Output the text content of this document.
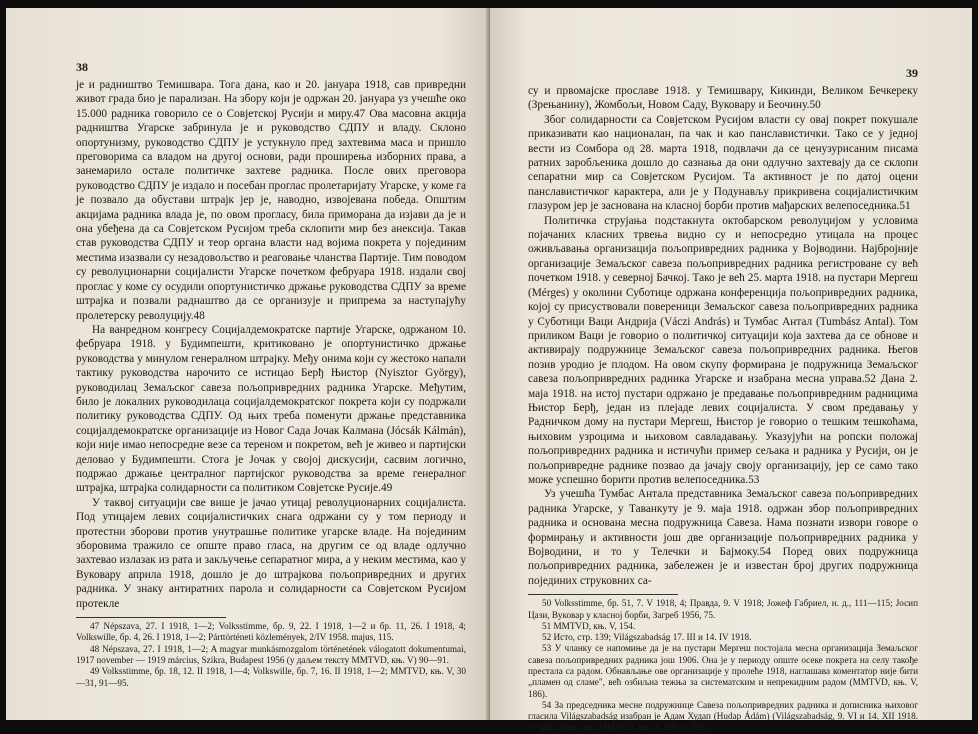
38

је и радништво Темишвара. Тога дана, као и 20. јануара 1918, сав привредни живот града био је парализан. На збору који је одржан 20. јануара уз учешће око 15.000 радника говорило се о Совјетској Русији и миру.47 Ова масовна акција радништва Угарске забринула је и руководство СДПУ и владу. Склоно опортунизму, руководство СДПУ је устукнуло пред захтевима маса и пришло преговорима са владом на другој основи, ради проширења изборних права, а занемарило остале политичке захтеве радника. После ових преговора руководство СДПУ је издало и посебан проглас пролетаријату Угарске, у коме га је позвало да обустави штрајк јер је, наводно, извојевана победа. Општим акцијама радника влада је, по овом прогласу, била приморана да изјави да је и она убеђена да са Совјетском Русијом треба склопити мир без анексија. Такав став руководства СДПУ и теор органа власти над војима покрета у појединим местима изазвали су незадовољство и реаговање чланства Партије. Тим поводом су револуционарни социјалисти Угарске почетком фебруара 1918. издали свој проглас у коме су осудили опортунистичко држање руководства СДПУ за време штрајка и позвали раднаштво да се организује и припрема за наступајућу пролетерску револуцију.48

На ванредном конгресу Социјалдемократске партије Угарске, одржаном 10. фебруара 1918. у Будимпешти, критиковано је опортунистичко држање руководства у минулом генералном штрајку. Међу онима који су жестоко напали тактику руководства нарочито се истицао Берђ Њистор (Nyisztor György), руководилац Земаљског савеза пољопривредних радника Угарске. Међутим, било је локалних руководилаца социјалдемократског покрета који су подржали политику руководства СДПУ. Од њих треба поменути држање представника социјалдемократске организације из Новог Сада Јочак Калмана (Jócsák Kálmán), који није имао непосредне везе са тереном и покретом, већ је живео и партијски деловао у Будимпешти. Стога је Јочак у својој дискусији, сасвим логично, подржао држање централног партијског руководства за време генералног штрајка, штрајка солидарности са политиком Совјетске Русије.49

У таквој ситуацији све више је јачао утицај револуционарних социјалиста. Под утицајем левих социјалистичких снага одржани су у том периоду и протестни зборови против унутрашње политике угарске владе. На појединим зборовима тражило се опште право гласа, на другим се од владе одлучно захтевао излазак из рата и закључење сепаратног мира, а у неким местима, као у Вуковару априла 1918, дошло је до штрајкова пољопривредних и других радника. У знаку антиратних парола и солидарности са Совјетском Русијом протекле

47 Népszava, 27. I 1918, 1—2; Volksstimme, бр. 9, 22. I 1918, 1—2 и бр. 11, 26. I 1918, 4; Volkswille, бр. 4, 26. I 1918, 1—2; Párttörténeti közlemények, 2/IV 1958. majus, 115.

48 Népszava, 27. I 1918, 1—2; A magyar munkásmozgalom történetének válogatott dokumentumai, 1917 november — 1919 március, Szikra, Budapest 1956 (у даљем тексту MMTVD, књ. V) 90—91.

49 Volksstimme, бр. 18, 12. II 1918, 1—4; Volkswille, бр. 7, 16. II 1918, 1—2; MMTVD, књ. V, 30—31, 91—95.

39

су и првомајске прославе 1918. у Темишвару, Кикинди, Великом Бечкереку (Зрењанину), Жомбољи, Новом Саду, Вуковару и Беочину.50

Због солидарности са Совјетском Русијом власти су овај покрет покушале приказивати као националан, па чак и као панславистички. Тако се у једној вести из Сомбора од 28. марта 1918, подвлачи да се ценузурисаним писама ратних заробљеника дошло до сазнања да они одлучно захтевају да се склопи сепаратни мир са Совјетском Русијом. Та активност је по датој оцени панславистичког карактера, али је у Подунављу прикривена социјалистичким глазуром јер је заснована на класној борби против мађарских велепоседника.51

Политичка струјања подстакнута октобарском револуцијом у условима појачаних класних трвења видно су и непосредно утицала на процес оживљавања организација пољопривредних радника у Војводини. Најбројније организације Земаљског савеза пољопривредних радника регистроване су већ почетком 1918. у северној Бачкој. Тако је већ 25. марта 1918. на пустари Мергеш (Mérges) у околини Суботице одржана конференција пољопривредних радника, којој су присуствовали повереници Земаљског савеза пољопривредних радника у Суботици Ваци Андрија (Váczi András) и Тумбас Антал (Tumbász Antal). Том приликом Ваци је говорио о политичкој ситуацији која захтева да се обнове и активирају подружнице Земаљског савеза пољопривредних радника. Његов позив уродио је плодом. На овом скупу формирана је подружница Земаљског савеза пољопривредних радника Угарске и изабрана месна управа.52 Дана 2. маја 1918. на истој пустари одржано је предавање пољопривредним радницима Њистор Берђ, један из плејаде левих социјалиста. У свом предавању у Радничком дому на пустари Мергеш, Њистор је говорио о тешким тешкоћама, њиховим узроцима и њиховом савладавању. Указујући на ропски положај пољопривредних радника и истичући пример сељака и радника у Русији, он је пољопривредне раднике позвао да јачају своју организацију, јер се само тако може успешно борити против велепоседника.53

Уз учешћа Тумбас Антала представника Земаљског савеза пољопривредних радника Угарске, у Таванкуту је 9. маја 1918. одржан збор пољопривредних радника и основана месна подружница Савеза. Нама познати извори говоре о формирању и активности још две организације пољопривредних радника у Војводини, и то у Телечки и Бајмоку.54 Поред ових подружница пољопривредних радника, забележен је и известан број других подружница појединих струковних са-

50 Volksstimme, бр. 51, 7. V 1918, 4; Правда, 9. V 1918; Јожеф Габриел, н. д., 111—115; Јосип Цази, Вуковар у класној борби, Загреб 1956, 75.

51 MMTVD, књ. V, 154.

52 Исто, стр. 139; Világszabadság 17. III и 14. IV 1918.

53 У чланку се напомиње да је на пустари Мергеш постојала месна организација Земаљског савеза пољопривредних радника још 1906. Она је у периоду опште осеке покрета на селу такође престала са радом. Обнављање ове организације у пролеће 1918, наглашава коментатор није бити „пламен од сламе", већ озбиљна тежња за систематским и непрекидним радом (MMTVD, књ. V, 186).

54 За председника месне подружнице Савеза пољопривредних радника и дописника њиховог гласила Világszabadság изабран је Адам Худап (Hudap Ádám) (Világszabadság, 9. VI и 14. XII 1918. — цит. према књ. MMTVD, књ. V, 186. и 381).
